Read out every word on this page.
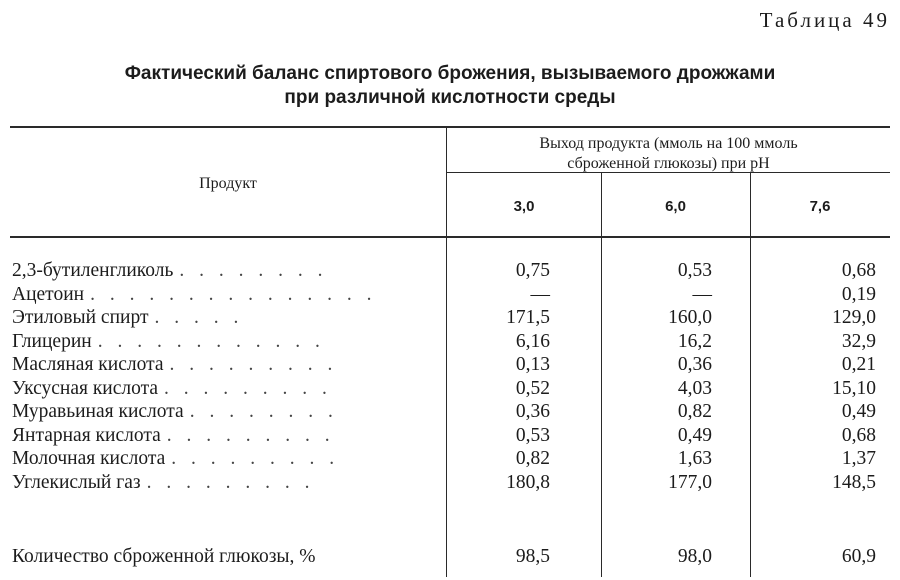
Таблица 49
Фактический баланс спиртового брожения, вызываемого дрожжами
при различной кислотности среды
Продукт
Выход продукта (ммоль на 100 ммоль
сброженной глюкозы) при pH
3,0	6,0	7,6
2,3-бутиленгликоль . . . . . . . .	0,75	0,53	0,68
Ацетоин . . . . . . . . . . . . . . .	—	—	0,19
Этиловый спирт . . . . .	171,5	160,0	129,0
Глицерин . . . . . . . . . . . .	6,16	16,2	32,9
Масляная кислота . . . . . . . . .	0,13	0,36	0,21
Уксусная кислота . . . . . . . . .	0,52	4,03	15,10
Муравьиная кислота . . . . . . . .	0,36	0,82	0,49
Янтарная кислота . . . . . . . . .	0,53	0,49	0,68
Молочная кислота . . . . . . . . .	0,82	1,63	1,37
Углекислый газ . . . . . . . . .	180,8	177,0	148,5
Количество сброженной глюкозы, %	98,5	98,0	60,9
